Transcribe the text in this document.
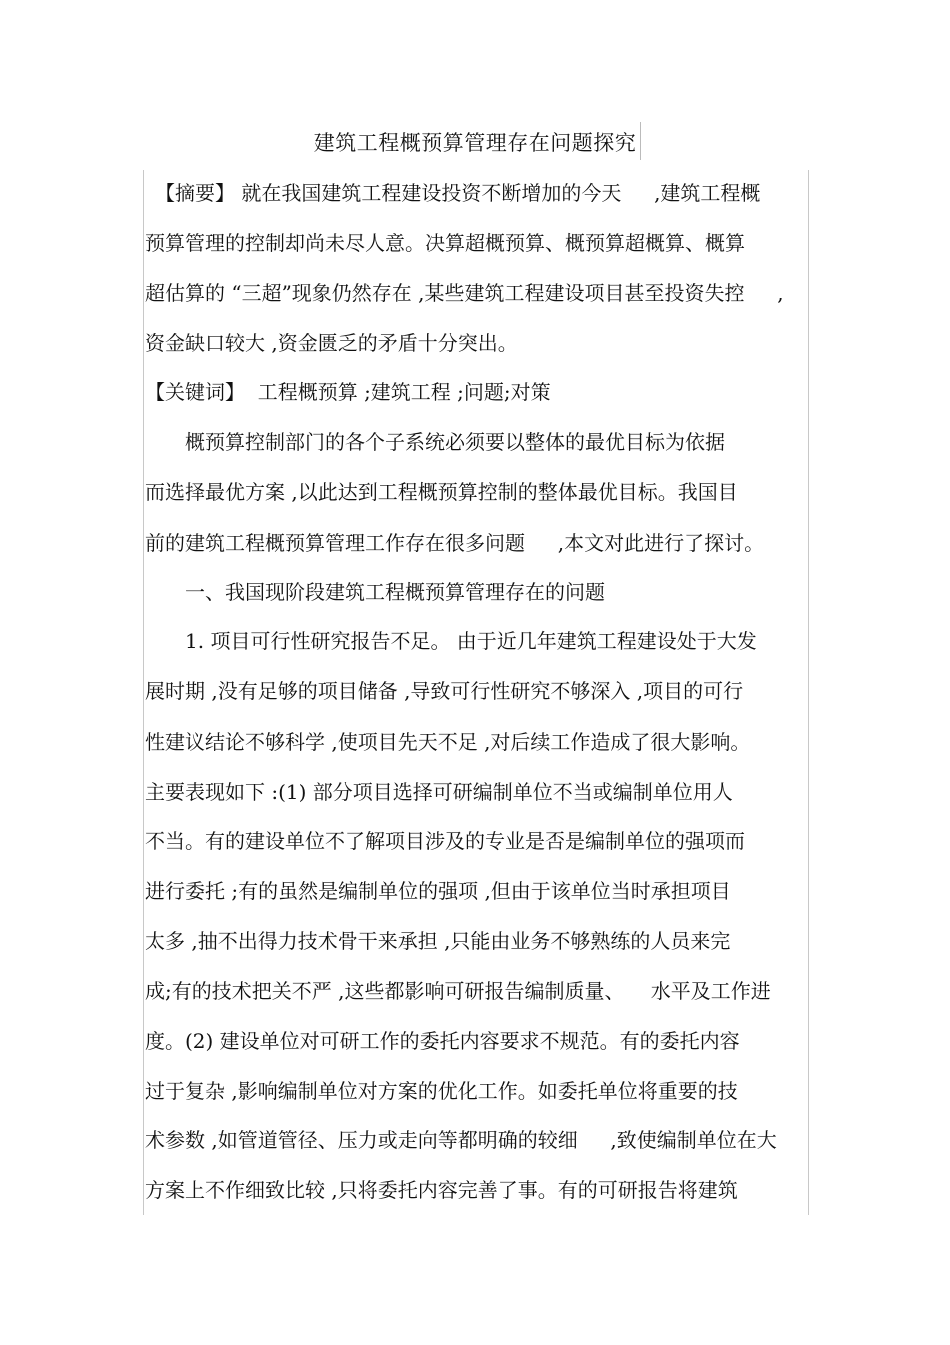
建筑工程概预算管理存在问题探究
　【摘要】 就在我国建筑工程建设投资不断增加的今天 　 ,建筑工程概
预算管理的控制却尚未尽人意。决算超概预算、概预算超概算、概算
超估算的 “三超”现象仍然存在 ,某些建筑工程建设项目甚至投资失控 　 ,
资金缺口较大 ,资金匮乏的矛盾十分突出。
【关键词】  工程概预算 ;建筑工程 ;问题;对策
　　概预算控制部门的各个子系统必须要以整体的最优目标为依据
而选择最优方案 ,以此达到工程概预算控制的整体最优目标。我国目
前的建筑工程概预算管理工作存在很多问题 　 ,本文对此进行了探讨。
　　一、我国现阶段建筑工程概预算管理存在的问题
　　1. 项目可行性研究报告不足。 由于近几年建筑工程建设处于大发
展时期 ,没有足够的项目储备 ,导致可行性研究不够深入 ,项目的可行
性建议结论不够科学 ,使项目先天不足 ,对后续工作造成了很大影响。
主要表现如下 :(1) 部分项目选择可研编制单位不当或编制单位用人
不当。有的建设单位不了解项目涉及的专业是否是编制单位的强项而
进行委托 ;有的虽然是编制单位的强项 ,但由于该单位当时承担项目
太多 ,抽不出得力技术骨干来承担 ,只能由业务不够熟练的人员来完
成;有的技术把关不严 ,这些都影响可研报告编制质量、 　水平及工作进
度。(2) 建设单位对可研工作的委托内容要求不规范。有的委托内容
过于复杂 ,影响编制单位对方案的优化工作。如委托单位将重要的技
术参数 ,如管道管径、压力或走向等都明确的较细 　 ,致使编制单位在大
方案上不作细致比较 ,只将委托内容完善了事。有的可研报告将建筑
